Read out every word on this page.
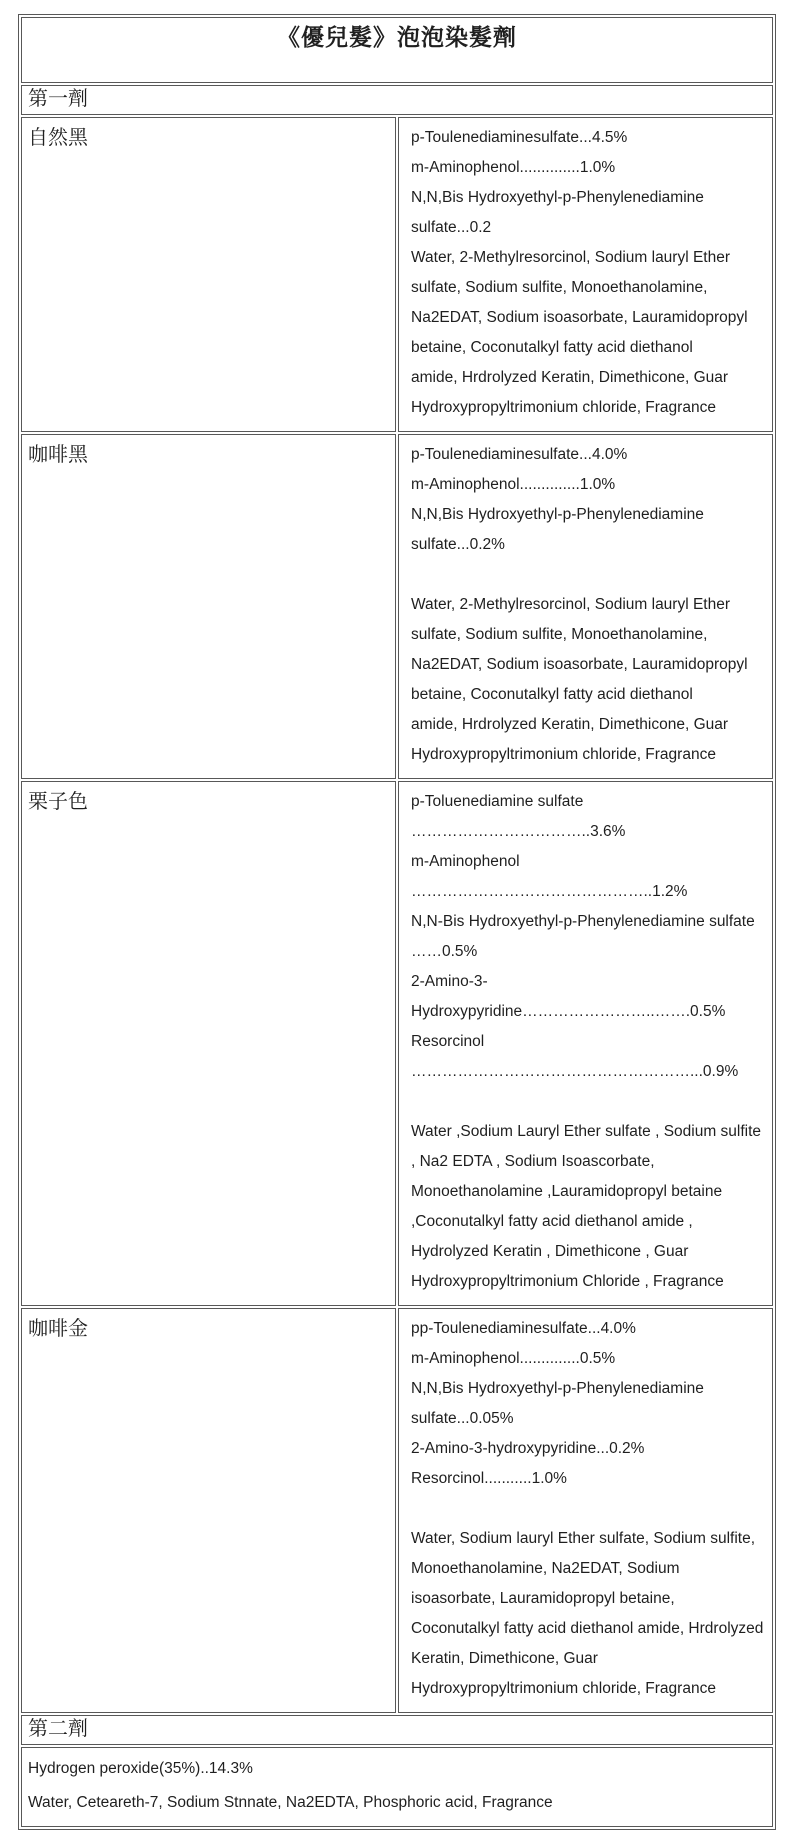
《優兒髮》泡泡染髮劑	
第一劑	
自然黑	p-Toulenediaminesulfate...4.5%
m-Aminophenol..............1.0%
N,N,Bis Hydroxyethyl-p-Phenylenediamine sulfate...0.2
Water, 2-Methylresorcinol, Sodium lauryl Ether sulfate, Sodium sulfite, Monoethanolamine,
Na2EDAT, Sodium isoasorbate, Lauramidopropyl betaine, Coconutalkyl fatty acid diethanol
amide, Hrdrolyzed Keratin, Dimethicone, Guar Hydroxypropyltrimonium chloride, Fragrance

咖啡黑	p-Toulenediaminesulfate...4.0%
m-Aminophenol..............1.0%
N,N,Bis Hydroxyethyl-p-Phenylenediamine sulfate...0.2%
Water, 2-Methylresorcinol, Sodium lauryl Ether sulfate, Sodium sulfite, Monoethanolamine,
Na2EDAT, Sodium isoasorbate, Lauramidopropyl betaine, Coconutalkyl fatty acid diethanol
amide, Hrdrolyzed Keratin, Dimethicone, Guar Hydroxypropyltrimonium chloride, Fragrance

栗子色	p-Toluenediamine sulfate ……………………………..3.6%
m-Aminophenol ………………………………………..1.2%
N,N-Bis Hydroxyethyl-p-Phenylenediamine sulfate ……0.5%
2-Amino-3-Hydroxypyridine……………………..…….0.5%
Resorcinol ………………………………………………...0.9%
Water ,Sodium Lauryl Ether sulfate , Sodium sulfite , Na2 EDTA , Sodium Isoascorbate,
Monoethanolamine ,Lauramidopropyl betaine ,Coconutalkyl fatty acid diethanol amide ,
Hydrolyzed Keratin , Dimethicone , Guar Hydroxypropyltrimonium Chloride , Fragrance

咖啡金	pp-Toulenediaminesulfate...4.0%
m-Aminophenol..............0.5%
N,N,Bis Hydroxyethyl-p-Phenylenediamine sulfate...0.05%
2-Amino-3-hydroxypyridine...0.2%
Resorcinol...........1.0%
Water, Sodium lauryl Ether sulfate, Sodium sulfite, Monoethanolamine, Na2EDAT, Sodium
isoasorbate, Lauramidopropyl betaine, Coconutalkyl fatty acid diethanol amide, Hrdrolyzed
Keratin, Dimethicone, Guar Hydroxypropyltrimonium chloride, Fragrance

第二劑	

Hydrogen peroxide(35%)..14.3%
Water, Ceteareth-7, Sodium Stnnate, Na2EDTA, Phosphoric acid, Fragrance	
